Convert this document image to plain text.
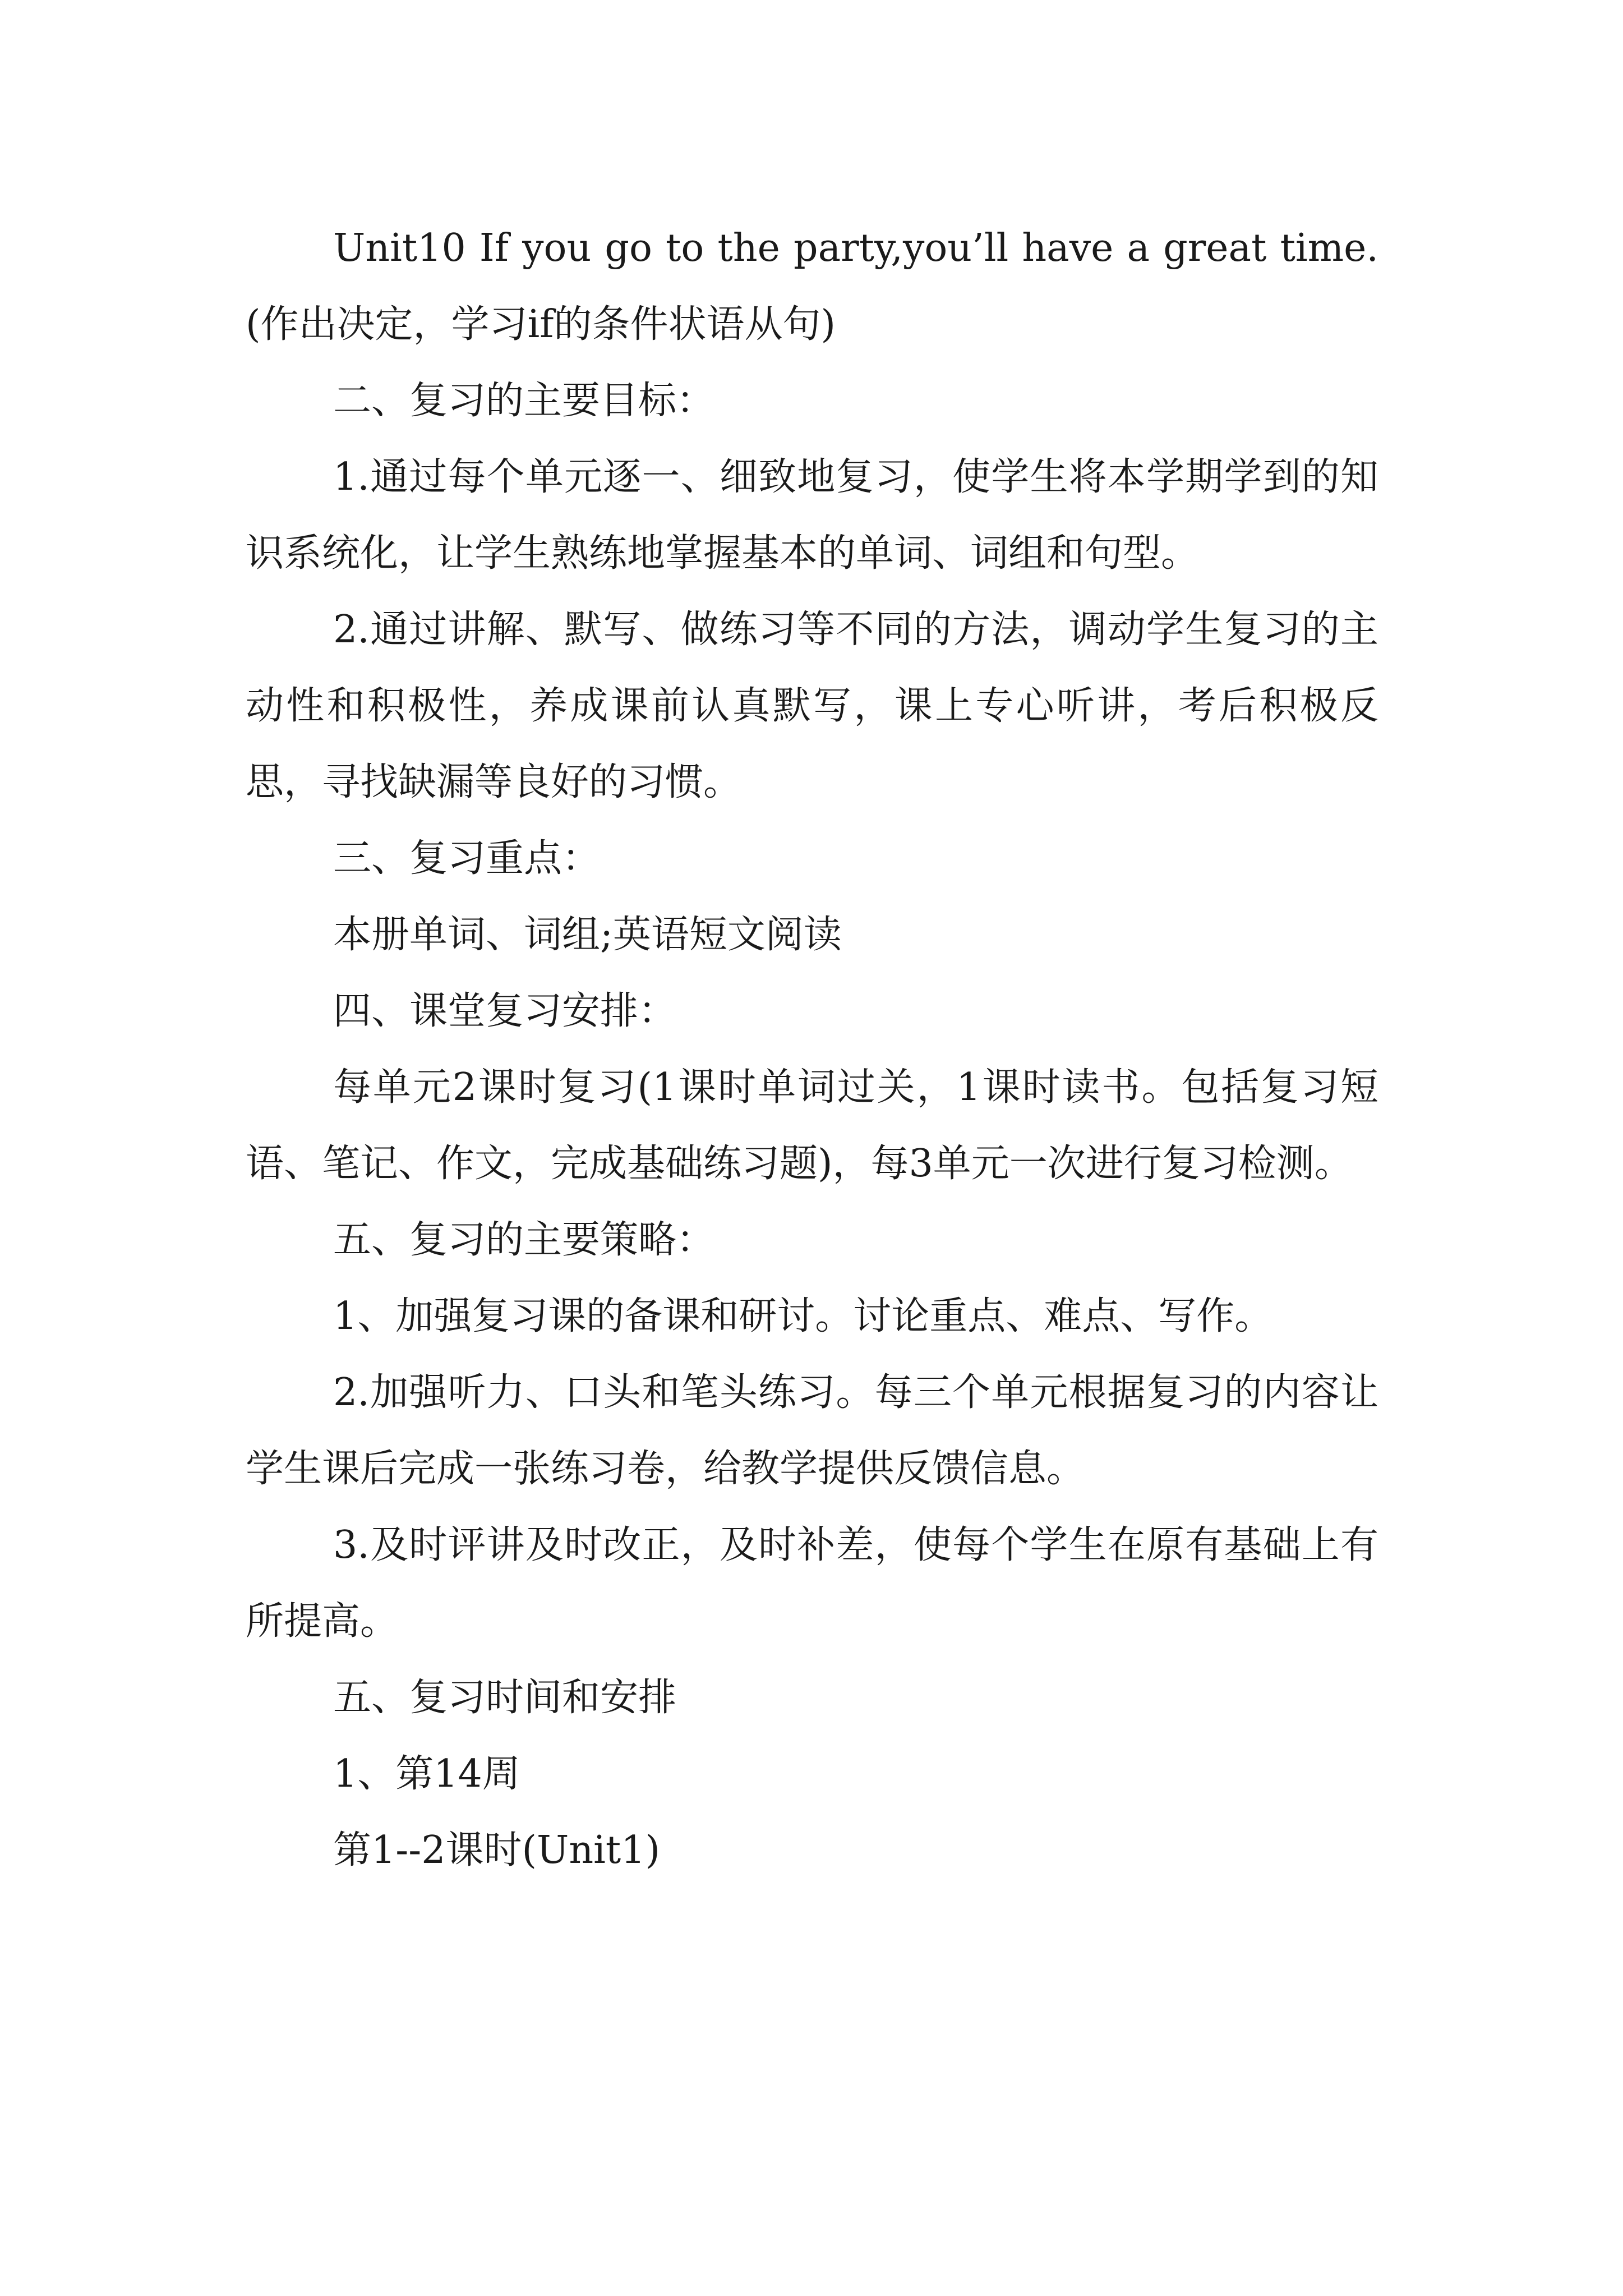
Unit10 If you go to the party,you’ll have a great time.(作出决定，学习if的条件状语从句)

二、复习的主要目标：

1.通过每个单元逐一、细致地复习，使学生将本学期学到的知识系统化，让学生熟练地掌握基本的单词、词组和句型。

2.通过讲解、默写、做练习等不同的方法，调动学生复习的主动性和积极性，养成课前认真默写，课上专心听讲，考后积极反思，寻找缺漏等良好的习惯。

三、复习重点：

本册单词、词组;英语短文阅读

四、课堂复习安排：

每单元2课时复习(1课时单词过关，1课时读书。包括复习短语、笔记、作文，完成基础练习题)，每3单元一次进行复习检测。

五、复习的主要策略：

1、加强复习课的备课和研讨。讨论重点、难点、写作。

2.加强听力、口头和笔头练习。每三个单元根据复习的内容让学生课后完成一张练习卷，给教学提供反馈信息。

3.及时评讲及时改正，及时补差，使每个学生在原有基础上有所提高。

五、复习时间和安排

1、第14周

第1--2课时(Unit1)
